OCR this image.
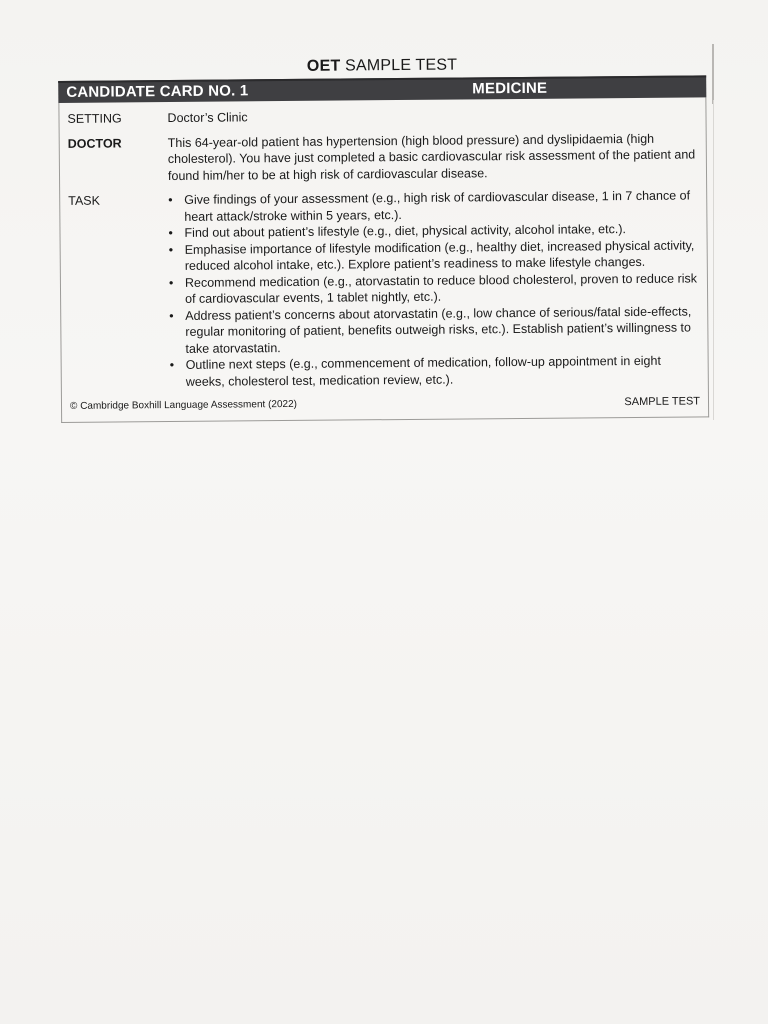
OET SAMPLE TEST
CANDIDATE CARD NO. 1	MEDICINE
SETTING	Doctor’s Clinic
DOCTOR	This 64-year-old patient has hypertension (high blood pressure) and dyslipidaemia (high cholesterol). You have just completed a basic cardiovascular risk assessment of the patient and found him/her to be at high risk of cardiovascular disease.
TASK	• Give findings of your assessment (e.g., high risk of cardiovascular disease, 1 in 7 chance of heart attack/stroke within 5 years, etc.).
• Find out about patient’s lifestyle (e.g., diet, physical activity, alcohol intake, etc.).
• Emphasise importance of lifestyle modification (e.g., healthy diet, increased physical activity, reduced alcohol intake, etc.). Explore patient’s readiness to make lifestyle changes.
• Recommend medication (e.g., atorvastatin to reduce blood cholesterol, proven to reduce risk of cardiovascular events, 1 tablet nightly, etc.).
• Address patient’s concerns about atorvastatin (e.g., low chance of serious/fatal side-effects, regular monitoring of patient, benefits outweigh risks, etc.). Establish patient’s willingness to take atorvastatin.
• Outline next steps (e.g., commencement of medication, follow-up appointment in eight weeks, cholesterol test, medication review, etc.).
© Cambridge Boxhill Language Assessment (2022)	SAMPLE TEST
